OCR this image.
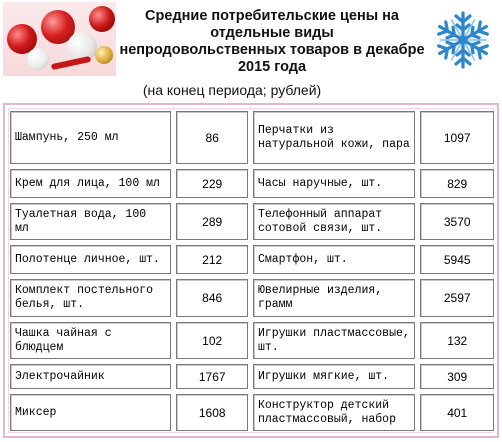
Средние потребительские цены на
отдельные виды
непродовольственных товаров в декабре
2015 года
(на конец периода; рублей)
Шампунь, 250 мл	86	Перчатки из натуральной кожи, пара	1097
Крем для лица, 100 мл	229	Часы наручные, шт.	829
Туалетная вода, 100 мл	289	Телефонный аппарат сотовой связи, шт.	3570
Полотенце личное, шт.	212	Смартфон, шт.	5945
Комплект постельного белья, шт.	846	Ювелирные изделия, грамм	2597
Чашка чайная с блюдцем	102	Игрушки пластмассовые, шт.	132
Электрочайник	1767	Игрушки мягкие, шт.	309
Миксер	1608	Конструктор детский пластмассовый, набор	401
